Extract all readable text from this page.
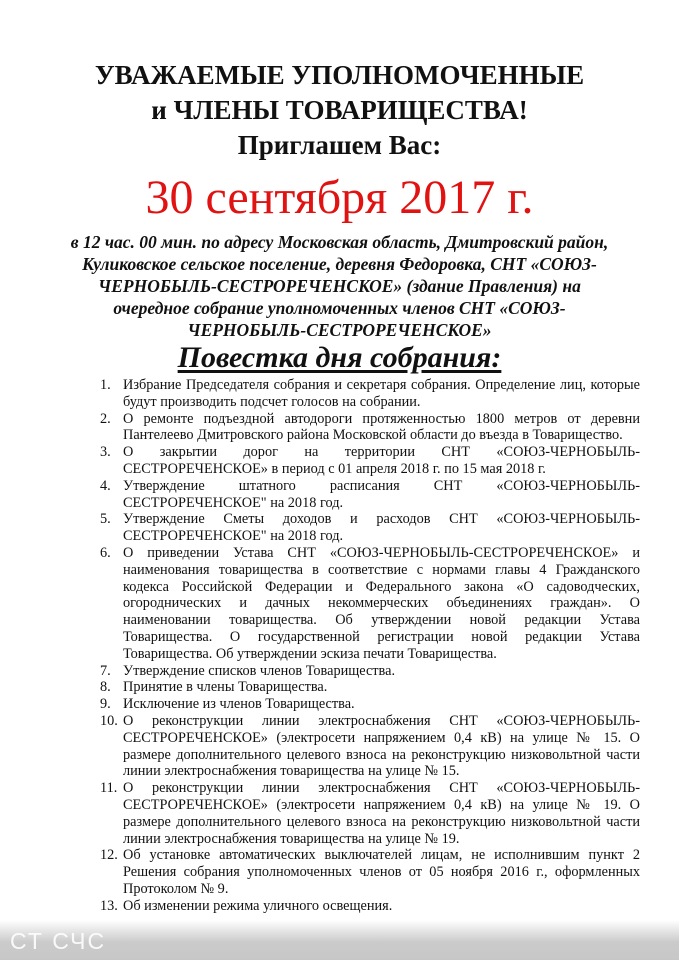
УВАЖАЕМЫЕ УПОЛНОМОЧЕННЫЕ
и ЧЛЕНЫ ТОВАРИЩЕСТВА!
Приглашем Вас:
30 сентября 2017 г.
в 12 час. 00 мин. по адресу Московская область, Дмитровский район, Куликовское сельское поселение, деревня Федоровка, СНТ «СОЮЗ-ЧЕРНОБЫЛЬ-СЕСТРОРЕЧЕНСКОЕ» (здание Правления) на очередное собрание уполномоченных членов СНТ «СОЮЗ-ЧЕРНОБЫЛЬ-СЕСТРОРЕЧЕНСКОЕ»
Повестка дня собрания:
Избрание Председателя собрания и секретаря собрания. Определение лиц, которые будут производить подсчет голосов на собрании.
О ремонте подъездной автодороги протяженностью 1800 метров от деревни Пантелеево Дмитровского района Московской области до въезда в Товарищество.
О закрытии дорог на территории СНТ «СОЮЗ-ЧЕРНОБЫЛЬ-СЕСТРОРЕЧЕНСКОЕ» в период с 01 апреля 2018 г. по 15 мая 2018 г.
Утверждение штатного расписания СНТ «СОЮЗ-ЧЕРНОБЫЛЬ-СЕСТРОРЕЧЕНСКОЕ" на 2018 год.
Утверждение Сметы доходов и расходов СНТ «СОЮЗ-ЧЕРНОБЫЛЬ-СЕСТРОРЕЧЕНСКОЕ" на 2018 год.
О приведении Устава СНТ «СОЮЗ-ЧЕРНОБЫЛЬ-СЕСТРОРЕЧЕНСКОЕ» и наименования товарищества в соответствие с нормами главы 4 Гражданского кодекса Российской Федерации и Федерального закона «О садоводческих, огороднических и дачных некоммерческих объединениях граждан». О наименовании товарищества. Об утверждении новой редакции Устава Товарищества. О государственной регистрации новой редакции Устава Товарищества. Об утверждении эскиза печати Товарищества.
Утверждение списков членов Товарищества.
Принятие в члены Товарищества.
Исключение из членов Товарищества.
О реконструкции линии электроснабжения СНТ «СОЮЗ-ЧЕРНОБЫЛЬ-СЕСТРОРЕЧЕНСКОЕ» (электросети напряжением 0,4 кВ) на улице № 15. О размере дополнительного целевого взноса на реконструкцию низковольтной части линии электроснабжения товарищества на улице № 15.
О реконструкции линии электроснабжения СНТ «СОЮЗ-ЧЕРНОБЫЛЬ-СЕСТРОРЕЧЕНСКОЕ» (электросети напряжением 0,4 кВ) на улице № 19. О размере дополнительного целевого взноса на реконструкцию низковольтной части линии электроснабжения товарищества на улице № 19.
Об установке автоматических выключателей лицам, не исполнившим пункт 2 Решения собрания уполномоченных членов от 05 ноября 2016 г., оформленных Протоколом № 9.
Об изменении режима уличного освещения.
СТ СЧС
